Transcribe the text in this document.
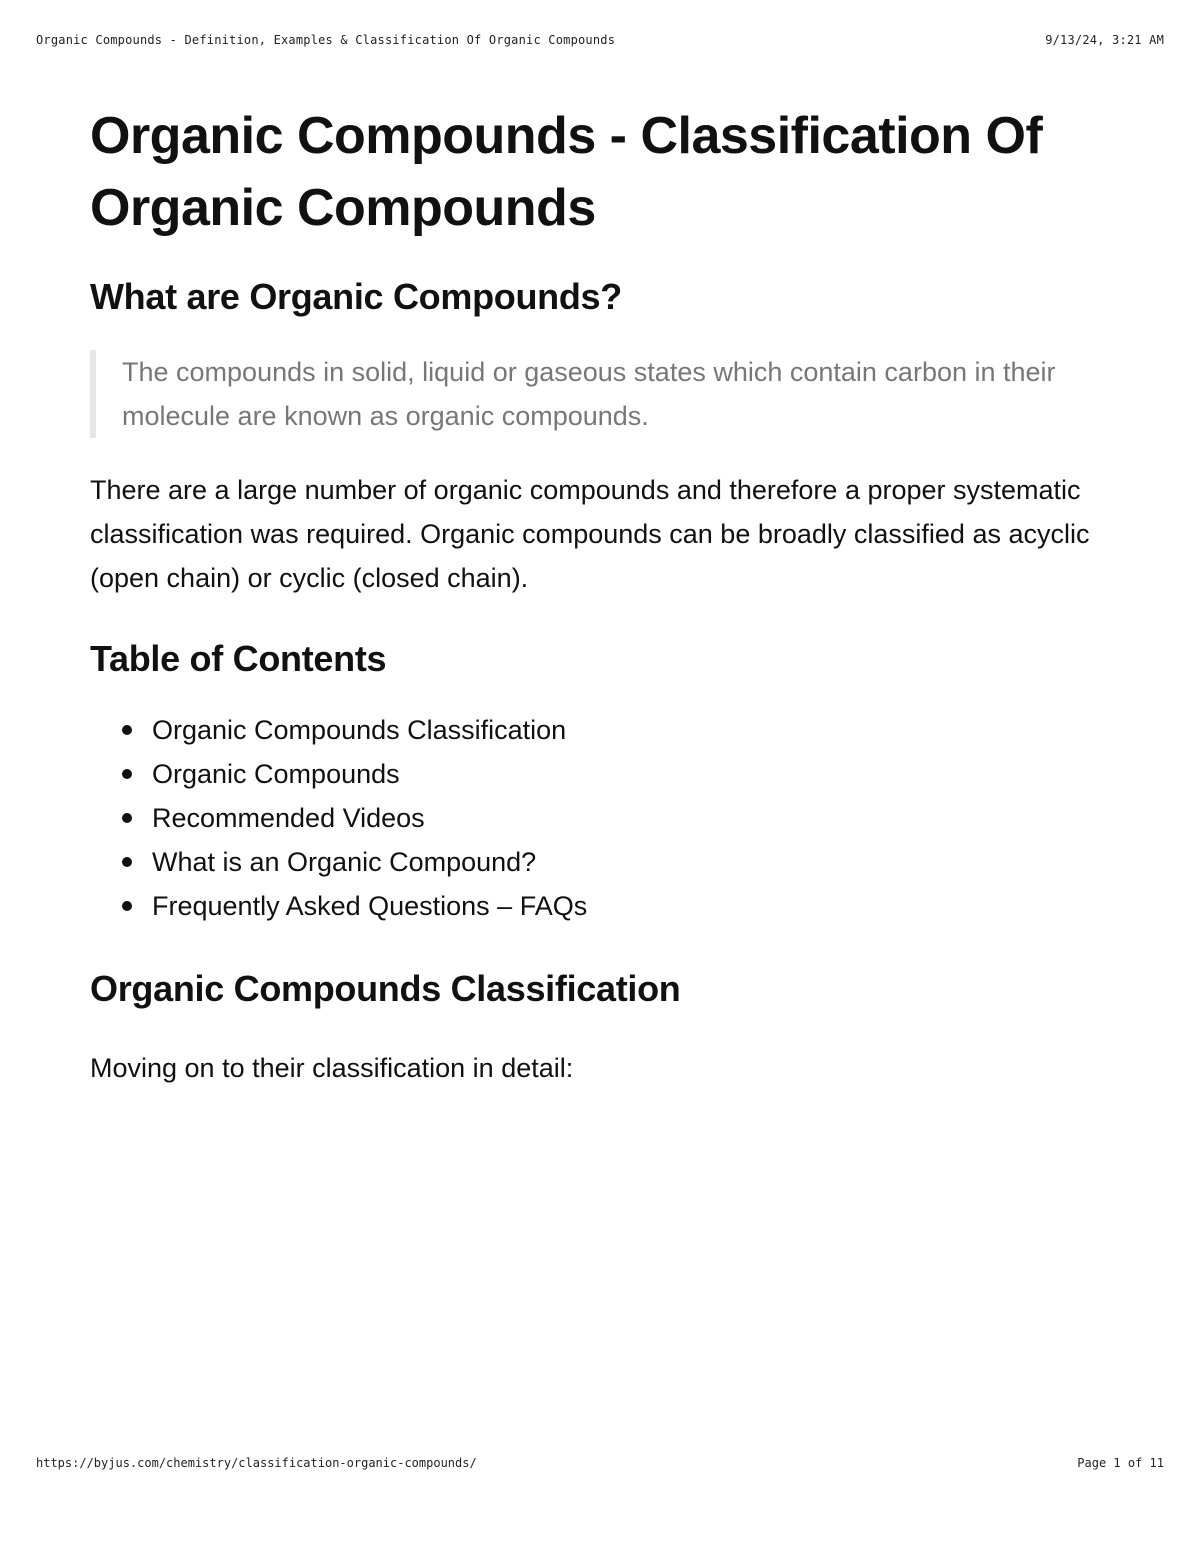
Organic Compounds - Definition, Examples & Classification Of Organic Compounds	9/13/24, 3:21 AM
Organic Compounds - Classification Of Organic Compounds
What are Organic Compounds?
The compounds in solid, liquid or gaseous states which contain carbon in their molecule are known as organic compounds.

There are a large number of organic compounds and therefore a proper systematic classification was required. Organic compounds can be broadly classified as acyclic (open chain) or cyclic (closed chain).

Table of Contents
Organic Compounds Classification
Organic Compounds
Recommended Videos
What is an Organic Compound?
Frequently Asked Questions – FAQs
Organic Compounds Classification

Moving on to their classification in detail:

https://byjus.com/chemistry/classification-organic-compounds/	Page 1 of 11
